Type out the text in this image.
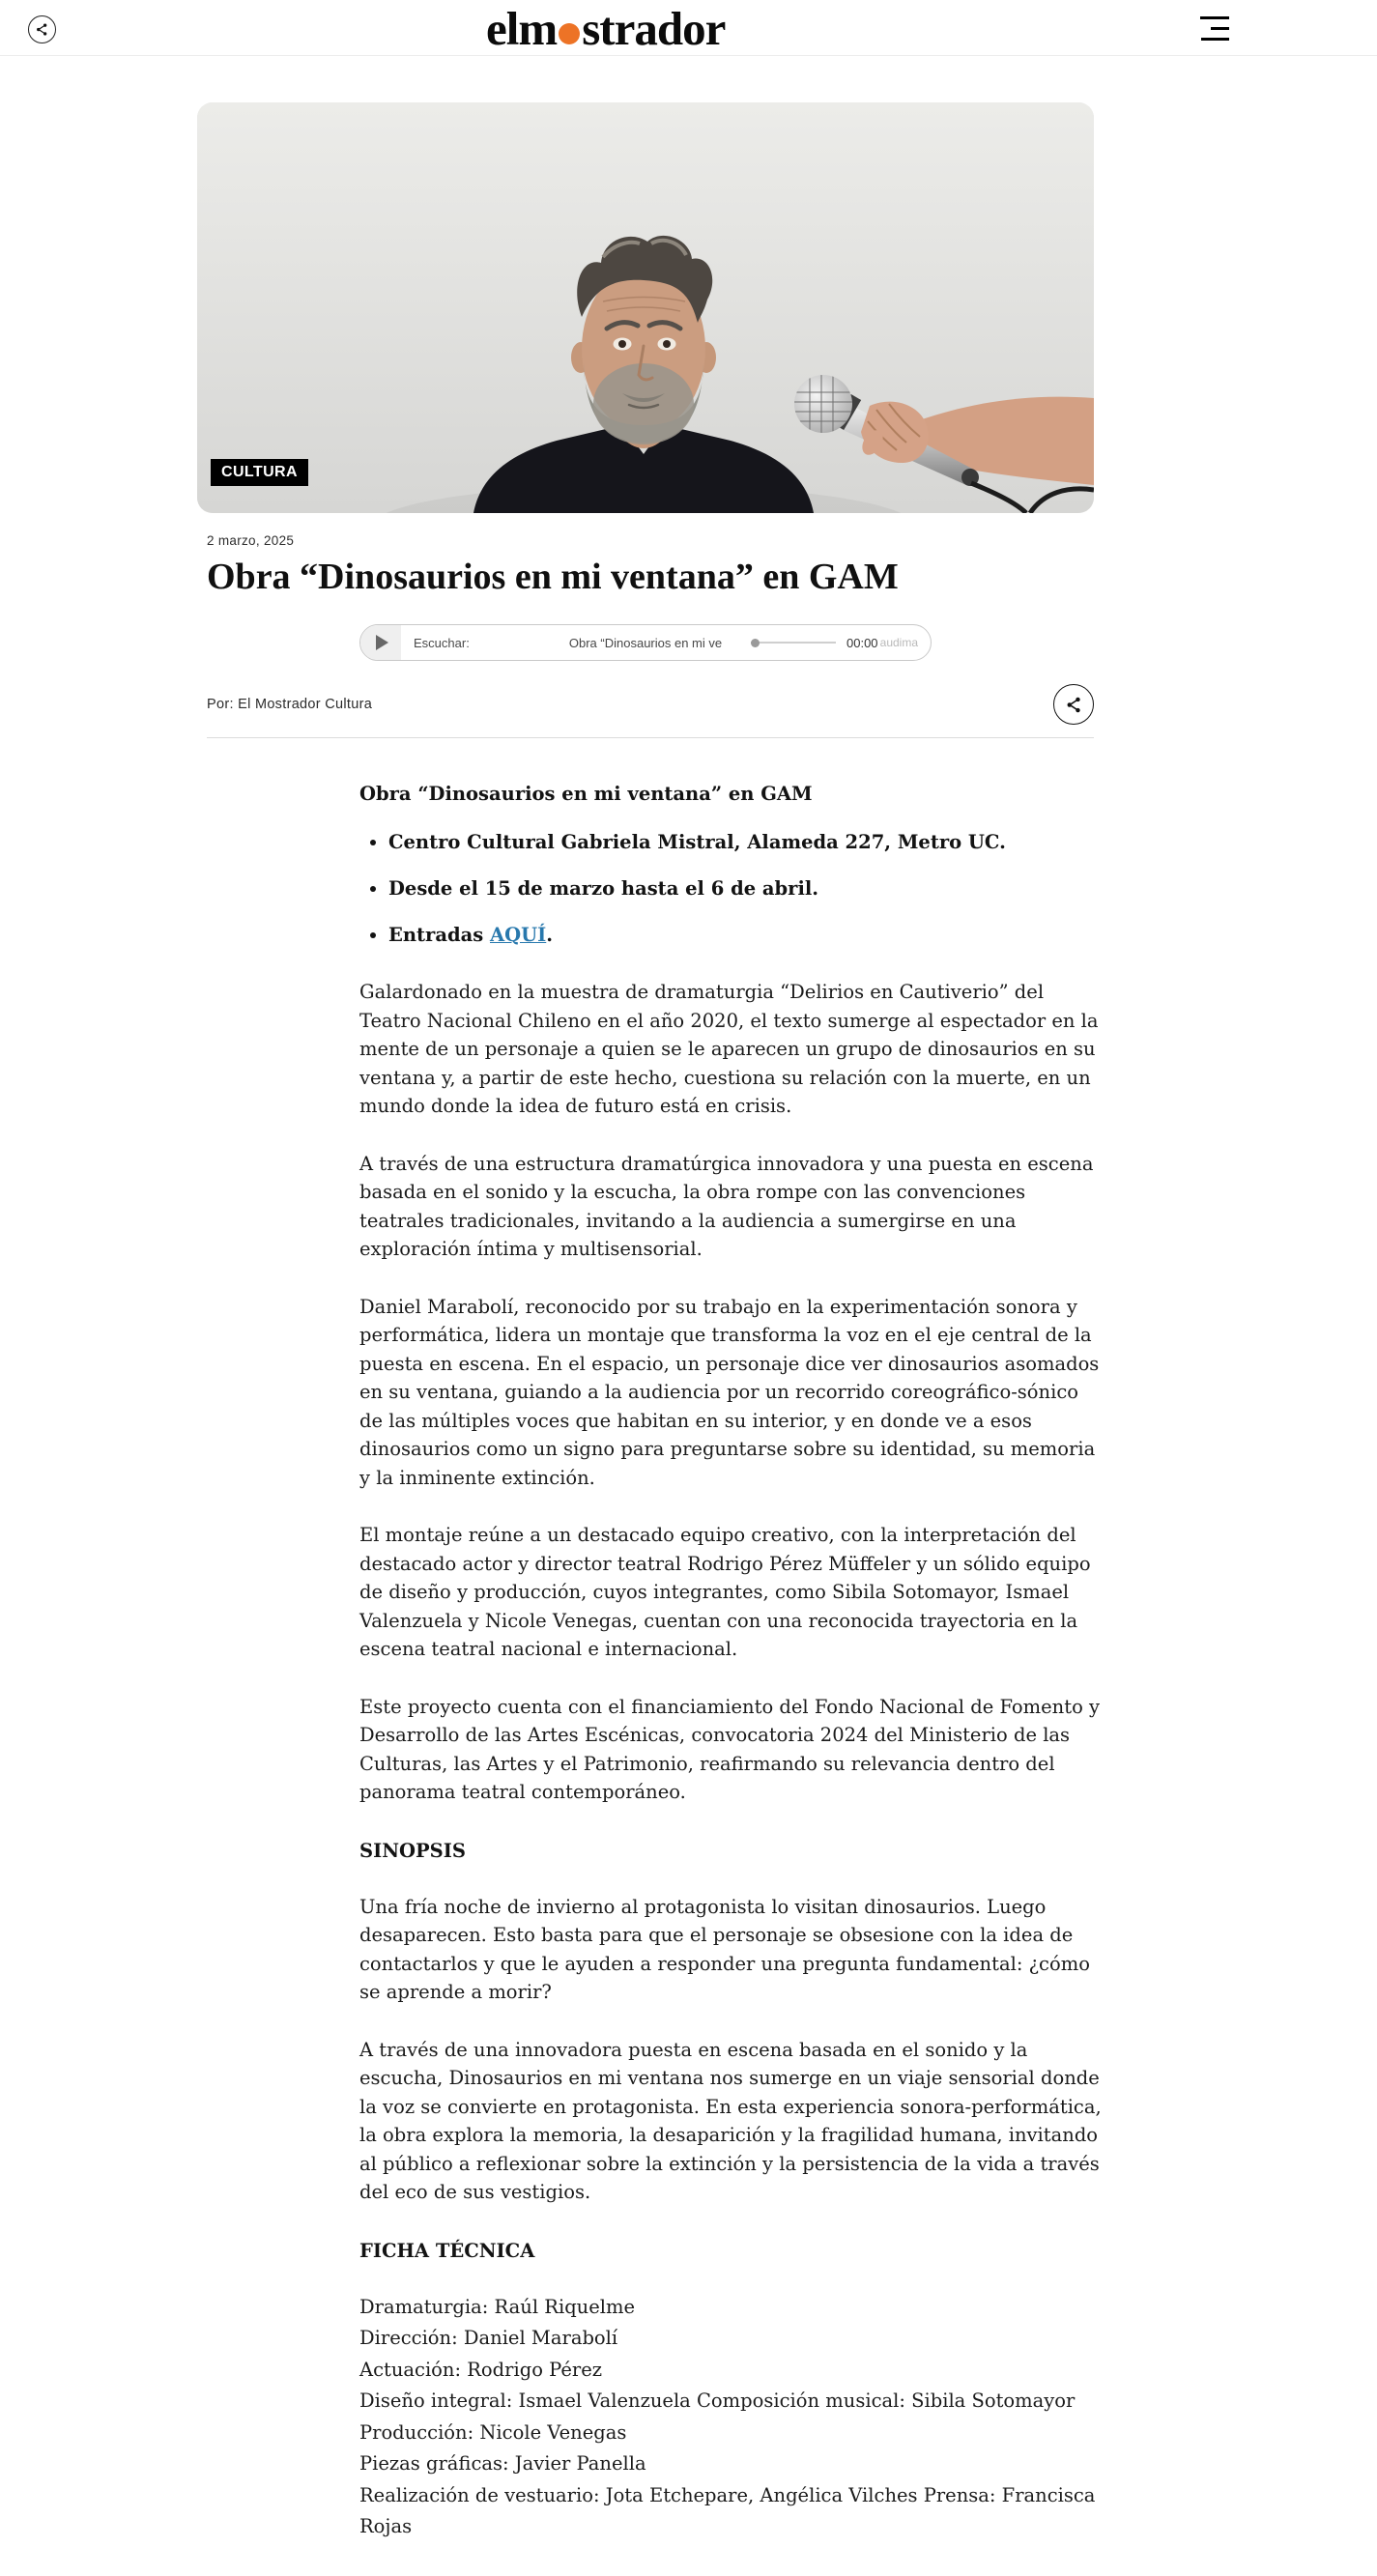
elm strador
CULTURA
2 marzo, 2025
Obra “Dinosaurios en mi ventana” en GAM
Escuchar:	Obra “Dinosaurios en mi ve	00:00 audima
Por: El Mostrador Cultura

Obra “Dinosaurios en mi ventana” en GAM

• Centro Cultural Gabriela Mistral, Alameda 227, Metro UC.
• Desde el 15 de marzo hasta el 6 de abril.
• Entradas AQUÍ.

Galardonado en la muestra de dramaturgia “Delirios en Cautiverio” del Teatro Nacional Chileno en el año 2020, el texto sumerge al espectador en la mente de un personaje a quien se le aparecen un grupo de dinosaurios en su ventana y, a partir de este hecho, cuestiona su relación con la muerte, en un mundo donde la idea de futuro está en crisis.

A través de una estructura dramatúrgica innovadora y una puesta en escena basada en el sonido y la escucha, la obra rompe con las convenciones teatrales tradicionales, invitando a la audiencia a sumergirse en una exploración íntima y multisensorial.

Daniel Marabolí, reconocido por su trabajo en la experimentación sonora y performática, lidera un montaje que transforma la voz en el eje central de la puesta en escena. En el espacio, un personaje dice ver dinosaurios asomados en su ventana, guiando a la audiencia por un recorrido coreográfico-sónico de las múltiples voces que habitan en su interior, y en donde ve a esos dinosaurios como un signo para preguntarse sobre su identidad, su memoria y la inminente extinción.

El montaje reúne a un destacado equipo creativo, con la interpretación del destacado actor y director teatral Rodrigo Pérez Müffeler y un sólido equipo de diseño y producción, cuyos integrantes, como Sibila Sotomayor, Ismael Valenzuela y Nicole Venegas, cuentan con una reconocida trayectoria en la escena teatral nacional e internacional.

Este proyecto cuenta con el financiamiento del Fondo Nacional de Fomento y Desarrollo de las Artes Escénicas, convocatoria 2024 del Ministerio de las Culturas, las Artes y el Patrimonio, reafirmando su relevancia dentro del panorama teatral contemporáneo.

SINOPSIS

Una fría noche de invierno al protagonista lo visitan dinosaurios. Luego desaparecen. Esto basta para que el personaje se obsesione con la idea de contactarlos y que le ayuden a responder una pregunta fundamental: ¿cómo se aprende a morir?

A través de una innovadora puesta en escena basada en el sonido y la escucha, Dinosaurios en mi ventana nos sumerge en un viaje sensorial donde la voz se convierte en protagonista. En esta experiencia sonora-performática, la obra explora la memoria, la desaparición y la fragilidad humana, invitando al público a reflexionar sobre la extinción y la persistencia de la vida a través del eco de sus vestigios.

FICHA TÉCNICA

Dramaturgia: Raúl Riquelme
Dirección: Daniel Marabolí
Actuación: Rodrigo Pérez
Diseño integral: Ismael Valenzuela Composición musical: Sibila Sotomayor Producción: Nicole Venegas
Piezas gráficas: Javier Panella
Realización de vestuario: Jota Etchepare, Angélica Vilches Prensa: Francisca Rojas
